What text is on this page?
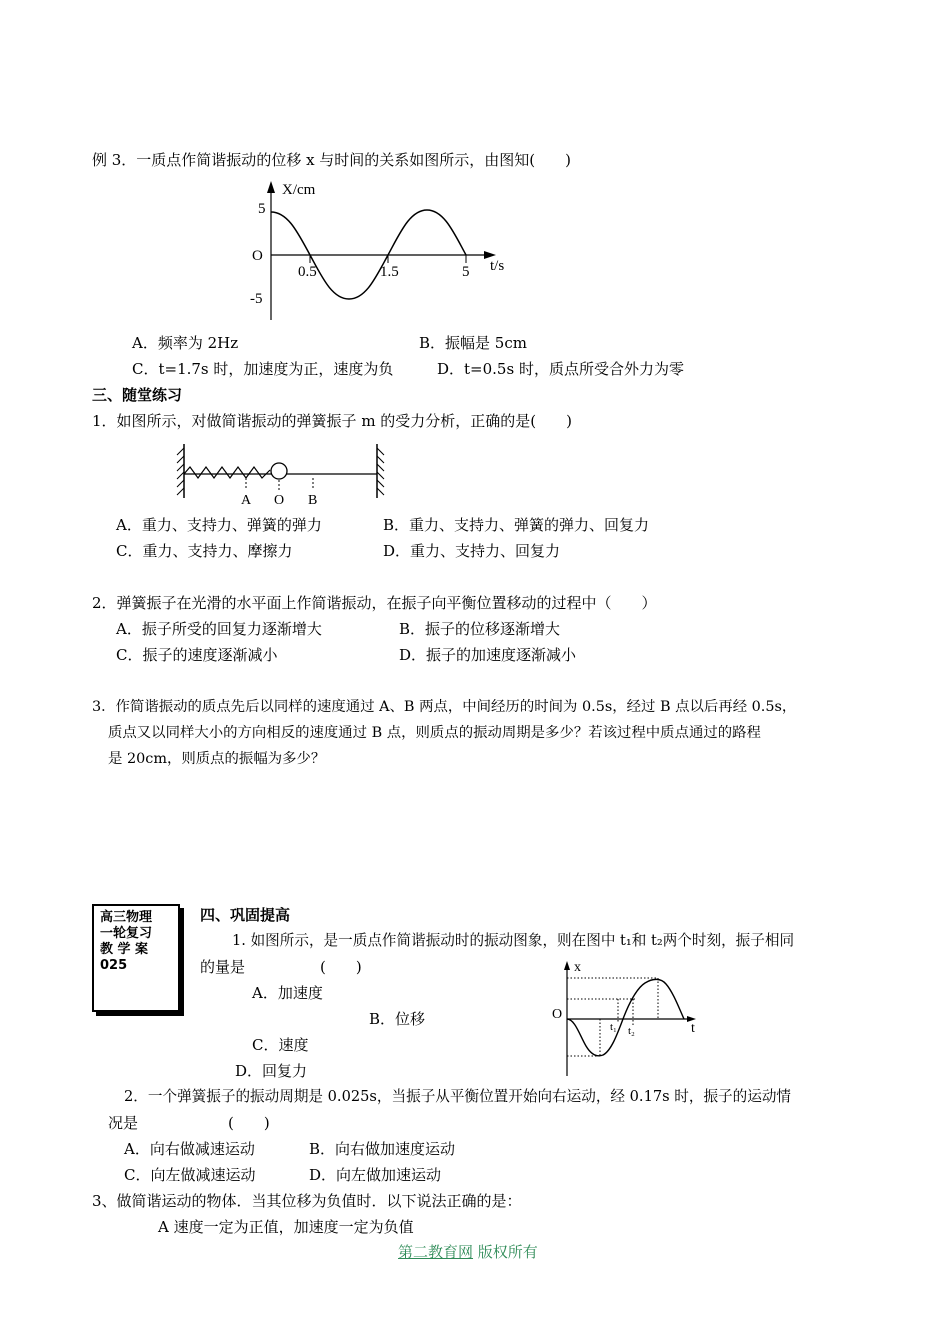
例 3．一质点作简谐振动的位移 x 与时间的关系如图所示，由图知(　　)
X/cm
5
O
-5
0.5	1.5	5 t/s
A．频率为 2Hz	B．振幅是 5cm
C．t=1.7s 时，加速度为正，速度为负	D．t=0.5s 时，质点所受合外力为零
三、随堂练习
1．如图所示，对做简谐振动的弹簧振子 m 的受力分析，正确的是(　　)
A O B
A．重力、支持力、弹簧的弹力	B．重力、支持力、弹簧的弹力、回复力
C．重力、支持力、摩擦力	D．重力、支持力、回复力
2．弹簧振子在光滑的水平面上作简谐振动，在振子向平衡位置移动的过程中（　　）
A．振子所受的回复力逐渐增大	B．振子的位移逐渐增大
C．振子的速度逐渐减小	D．振子的加速度逐渐减小
3．作简谐振动的质点先后以同样的速度通过 A、B 两点，中间经历的时间为 0.5s，经过 B 点以后再经 0.5s，
质点又以同样大小的方向相反的速度通过 B 点，则质点的振动周期是多少？若该过程中质点通过的路程
是 20cm，则质点的振幅为多少？
高三物理
一轮复习
教 学 案
025
四、巩固提高
1. 如图所示，是一质点作简谐振动时的振动图象，则在图中 t₁和 t₂两个时刻，振子相同
的量是　　　　　(　　)
A．加速度
B．位移
C．速度
D．回复力
x
O
t₁ t₂	t
2．一个弹簧振子的振动周期是 0.025s，当振子从平衡位置开始向右运动，经 0.17s 时，振子的运动情
况是　　　　　　(　　)
A．向右做减速运动	B．向右做加速度运动
C．向左做减速运动	D．向左做加速运动
3、做简谐运动的物体．当其位移为负值时．以下说法正确的是：
A 速度一定为正值，加速度一定为负值
第二教育网 版权所有
